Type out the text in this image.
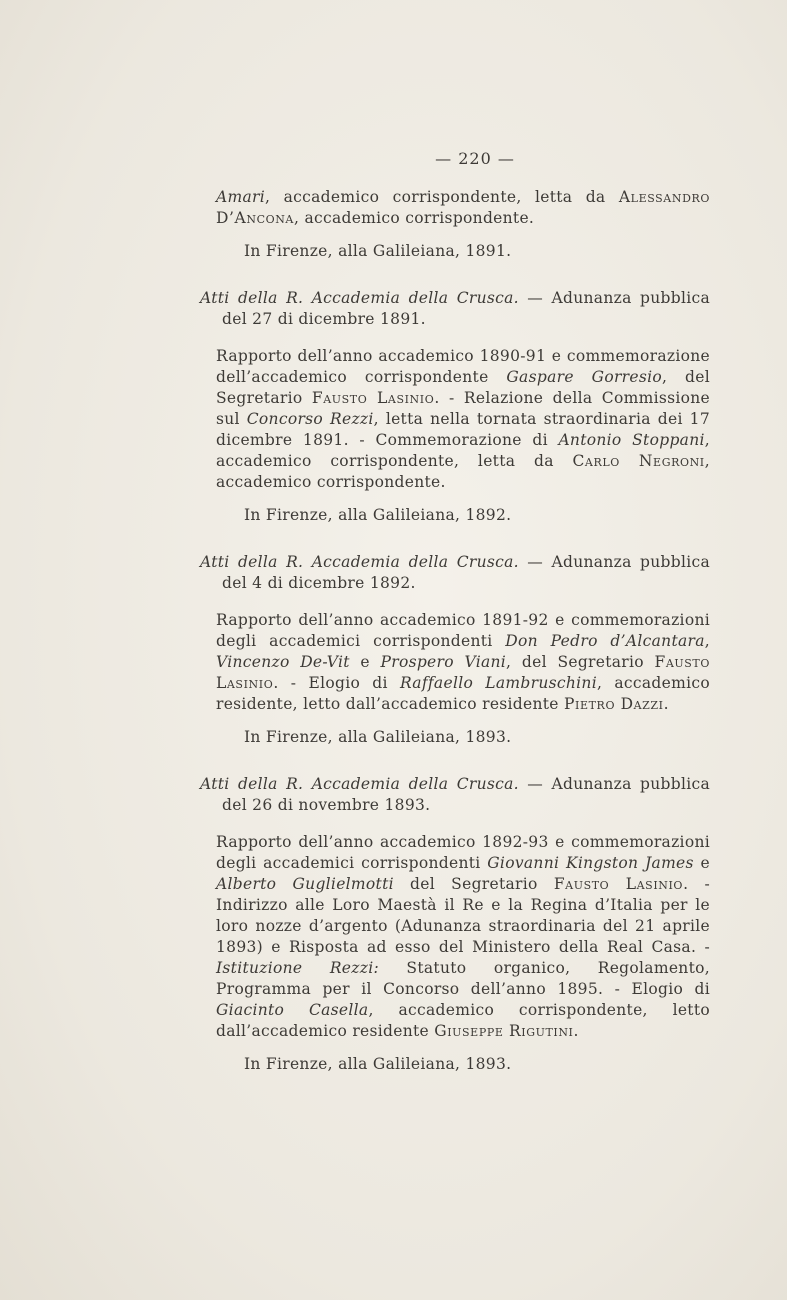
— 220 —

Amari, accademico corrispondente, letta da Alessandro D’Ancona, accademico corrispondente.

In Firenze, alla Galileiana, 1891.

Atti della R. Accademia della Crusca. — Adunanza pubblica del 27 di dicembre 1891.

Rapporto dell’anno accademico 1890-91 e commemorazione dell’accademico corrispondente Gaspare Gorresio, del Segretario Fausto Lasinio. - Relazione della Commissione sul Concorso Rezzi, letta nella tornata straordinaria dei 17 dicembre 1891. - Commemorazione di Antonio Stoppani, accademico corrispondente, letta da Carlo Negroni, accademico corrispondente.

In Firenze, alla Galileiana, 1892.

Atti della R. Accademia della Crusca. — Adunanza pubblica del 4 di dicembre 1892.

Rapporto dell’anno accademico 1891-92 e commemorazioni degli accademici corrispondenti Don Pedro d’Alcantara, Vincenzo De-Vit e Prospero Viani, del Segretario Fausto Lasinio. - Elogio di Raffaello Lambruschini, accademico residente, letto dall’accademico residente Pietro Dazzi.

In Firenze, alla Galileiana, 1893.

Atti della R. Accademia della Crusca. — Adunanza pubblica del 26 di novembre 1893.

Rapporto dell’anno accademico 1892-93 e commemorazioni degli accademici corrispondenti Giovanni Kingston James e Alberto Guglielmotti del Segretario Fausto Lasinio. - Indirizzo alle Loro Maestà il Re e la Regina d’Italia per le loro nozze d’argento (Adunanza straordinaria del 21 aprile 1893) e Risposta ad esso del Ministero della Real Casa. - Istituzione Rezzi: Statuto organico, Regolamento, Programma per il Concorso dell’anno 1895. - Elogio di Giacinto Casella, accademico corrispondente, letto dall’accademico residente Giuseppe Rigutini.

In Firenze, alla Galileiana, 1893.
